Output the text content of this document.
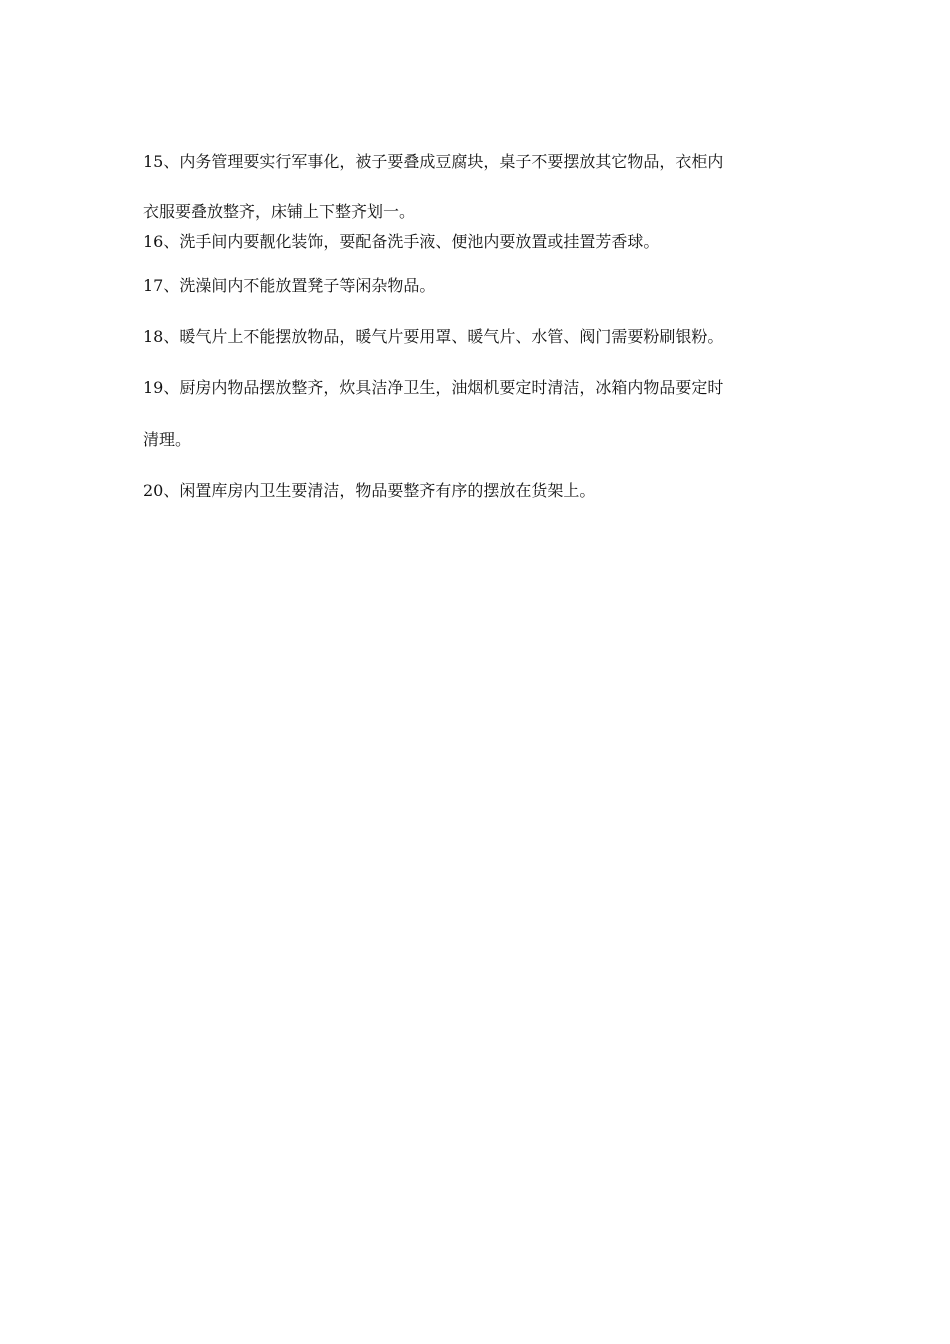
15、内务管理要实行军事化，被子要叠成豆腐块，桌子不要摆放其它物品，衣柜内
衣服要叠放整齐，床铺上下整齐划一。
16、洗手间内要靓化装饰，要配备洗手液、便池内要放置或挂置芳香球。
17、洗澡间内不能放置凳子等闲杂物品。
18、暖气片上不能摆放物品，暖气片要用罩、暖气片、水管、阀门需要粉刷银粉。
19、厨房内物品摆放整齐，炊具洁净卫生，油烟机要定时清洁，冰箱内物品要定时
清理。
20、闲置库房内卫生要清洁，物品要整齐有序的摆放在货架上。
